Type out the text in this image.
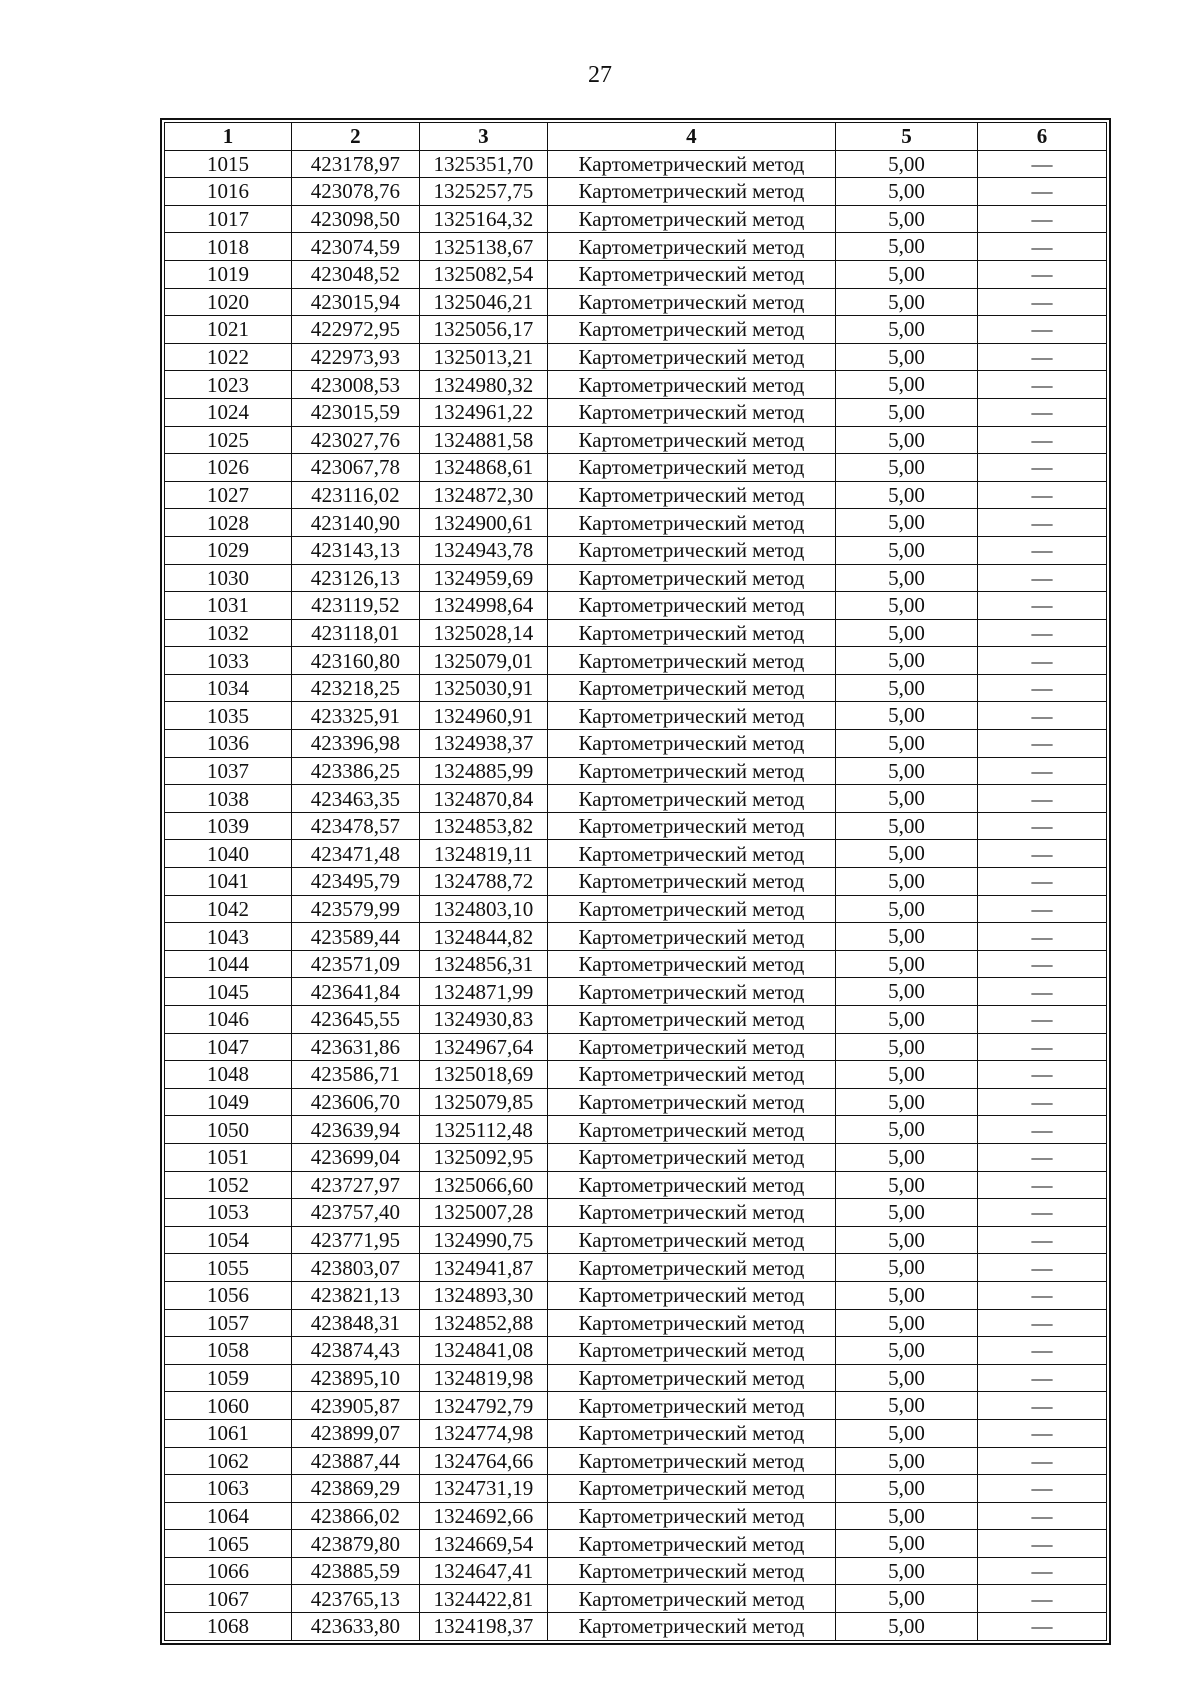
27
1	2	3	4	5	6
1015	423178,97	1325351,70	Картометрический метод	5,00	—
1016	423078,76	1325257,75	Картометрический метод	5,00	—
1017	423098,50	1325164,32	Картометрический метод	5,00	—
1018	423074,59	1325138,67	Картометрический метод	5,00	—
1019	423048,52	1325082,54	Картометрический метод	5,00	—
1020	423015,94	1325046,21	Картометрический метод	5,00	—
1021	422972,95	1325056,17	Картометрический метод	5,00	—
1022	422973,93	1325013,21	Картометрический метод	5,00	—
1023	423008,53	1324980,32	Картометрический метод	5,00	—
1024	423015,59	1324961,22	Картометрический метод	5,00	—
1025	423027,76	1324881,58	Картометрический метод	5,00	—
1026	423067,78	1324868,61	Картометрический метод	5,00	—
1027	423116,02	1324872,30	Картометрический метод	5,00	—
1028	423140,90	1324900,61	Картометрический метод	5,00	—
1029	423143,13	1324943,78	Картометрический метод	5,00	—
1030	423126,13	1324959,69	Картометрический метод	5,00	—
1031	423119,52	1324998,64	Картометрический метод	5,00	—
1032	423118,01	1325028,14	Картометрический метод	5,00	—
1033	423160,80	1325079,01	Картометрический метод	5,00	—
1034	423218,25	1325030,91	Картометрический метод	5,00	—
1035	423325,91	1324960,91	Картометрический метод	5,00	—
1036	423396,98	1324938,37	Картометрический метод	5,00	—
1037	423386,25	1324885,99	Картометрический метод	5,00	—
1038	423463,35	1324870,84	Картометрический метод	5,00	—
1039	423478,57	1324853,82	Картометрический метод	5,00	—
1040	423471,48	1324819,11	Картометрический метод	5,00	—
1041	423495,79	1324788,72	Картометрический метод	5,00	—
1042	423579,99	1324803,10	Картометрический метод	5,00	—
1043	423589,44	1324844,82	Картометрический метод	5,00	—
1044	423571,09	1324856,31	Картометрический метод	5,00	—
1045	423641,84	1324871,99	Картометрический метод	5,00	—
1046	423645,55	1324930,83	Картометрический метод	5,00	—
1047	423631,86	1324967,64	Картометрический метод	5,00	—
1048	423586,71	1325018,69	Картометрический метод	5,00	—
1049	423606,70	1325079,85	Картометрический метод	5,00	—
1050	423639,94	1325112,48	Картометрический метод	5,00	—
1051	423699,04	1325092,95	Картометрический метод	5,00	—
1052	423727,97	1325066,60	Картометрический метод	5,00	—
1053	423757,40	1325007,28	Картометрический метод	5,00	—
1054	423771,95	1324990,75	Картометрический метод	5,00	—
1055	423803,07	1324941,87	Картометрический метод	5,00	—
1056	423821,13	1324893,30	Картометрический метод	5,00	—
1057	423848,31	1324852,88	Картометрический метод	5,00	—
1058	423874,43	1324841,08	Картометрический метод	5,00	—
1059	423895,10	1324819,98	Картометрический метод	5,00	—
1060	423905,87	1324792,79	Картометрический метод	5,00	—
1061	423899,07	1324774,98	Картометрический метод	5,00	—
1062	423887,44	1324764,66	Картометрический метод	5,00	—
1063	423869,29	1324731,19	Картометрический метод	5,00	—
1064	423866,02	1324692,66	Картометрический метод	5,00	—
1065	423879,80	1324669,54	Картометрический метод	5,00	—
1066	423885,59	1324647,41	Картометрический метод	5,00	—
1067	423765,13	1324422,81	Картометрический метод	5,00	—
1068	423633,80	1324198,37	Картометрический метод	5,00	—
